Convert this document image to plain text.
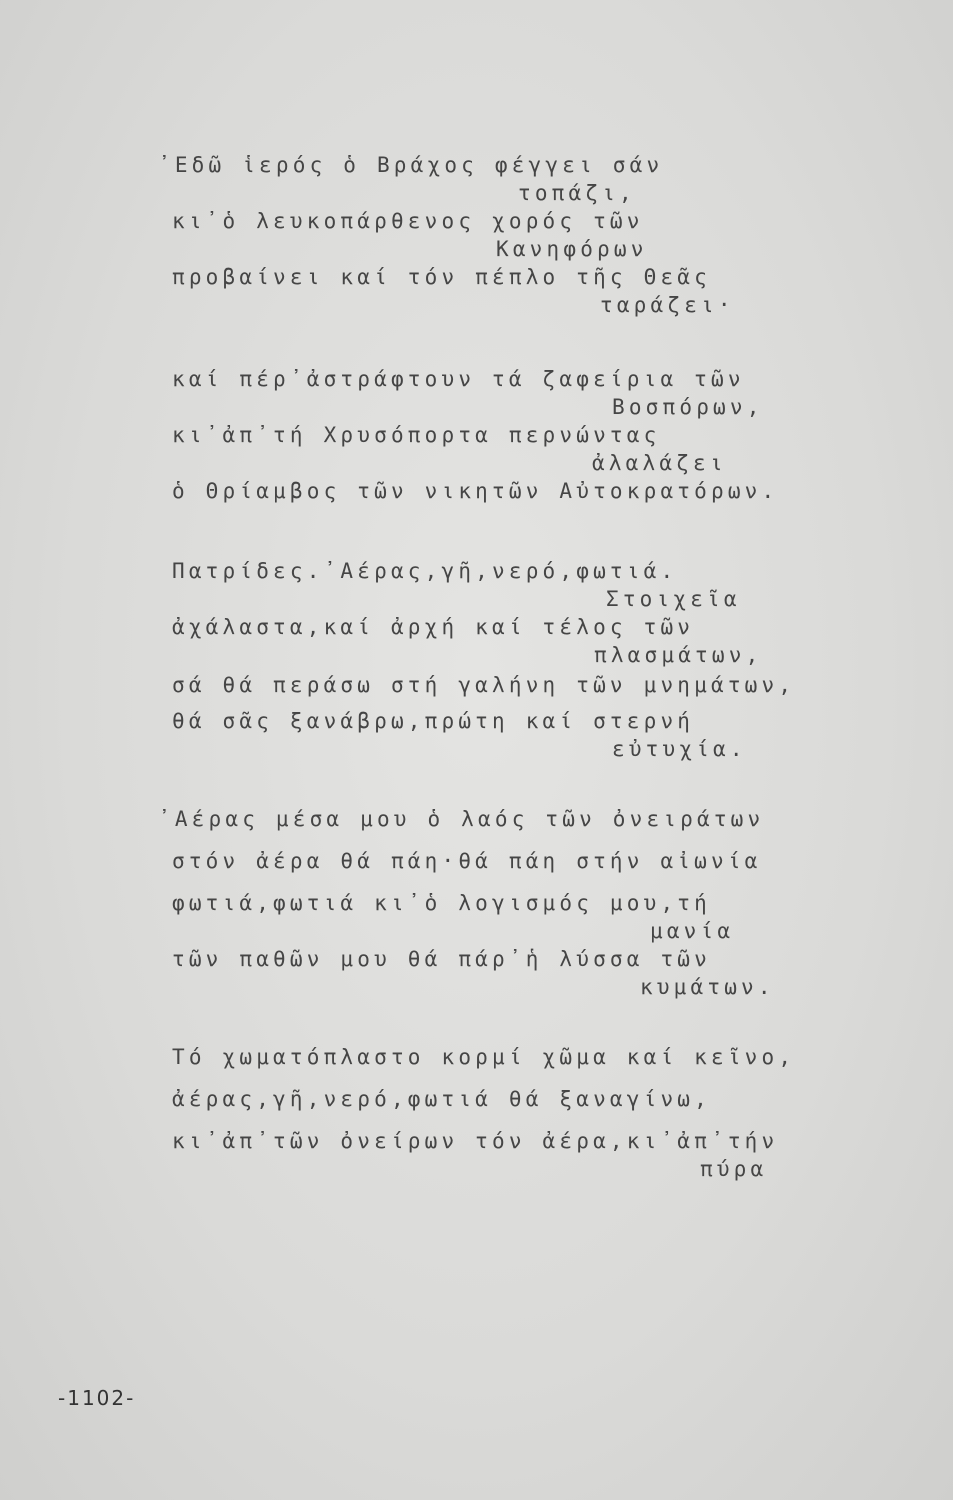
᾽Εδῶ ἱερός ὁ Βράχος φέγγει σάν
τοπάζι,
κι᾽ὁ λευκοπάρθενος χορός τῶν
Κανηφόρων
προβαίνει καί τόν πέπλο τῆς Θεᾶς
ταράζει·
καί πέρ᾽ἀστράφτουν τά ζαφείρια τῶν
Βοσπόρων,
κι᾽ἀπ᾽τή Χρυσόπορτα περνώντας
ἀλαλάζει
ὁ Θρίαμβος τῶν νικητῶν Αὐτοκρατόρων.
Πατρίδες.᾽Αέρας,γῆ,νερό,φωτιά.
Στοιχεῖα
ἀχάλαστα,καί ἀρχή καί τέλος τῶν
πλασμάτων,
σά θά περάσω στή γαλήνη τῶν μνημάτων,
θά σᾶς ξανάβρω,πρώτη καί στερνή
εὐτυχία.
᾽Αέρας μέσα μου ὁ λαός τῶν ὀνειράτων
στόν ἀέρα θά πάη·θά πάη στήν αἰωνία
φωτιά,φωτιά κι᾽ὁ λογισμός μου,τή
μανία
τῶν παθῶν μου θά πάρ᾽ἡ λύσσα τῶν
κυμάτων.
Τό χωματόπλαστο κορμί χῶμα καί κεῖνο,
ἀέρας,γῆ,νερό,φωτιά θά ξαναγίνω,
κι᾽ἀπ᾽τῶν ὀνείρων τόν ἀέρα,κι᾽ἀπ᾽τήν
πύρα
-1102-
